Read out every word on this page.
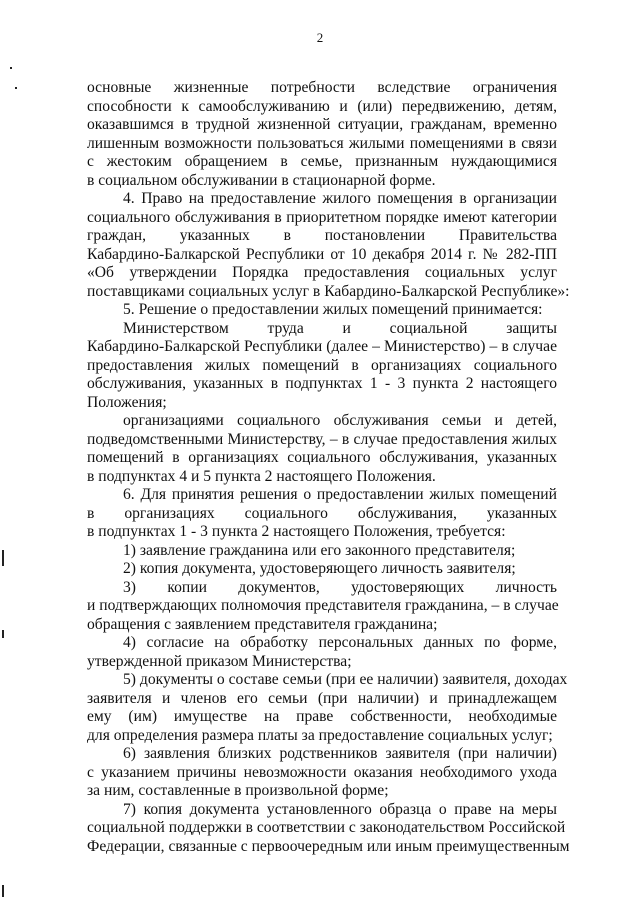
2
основные жизненные потребности вследствие ограничения
способности к самообслуживанию и (или) передвижению, детям,
оказавшимся в трудной жизненной ситуации, гражданам, временно
лишенным возможности пользоваться жилыми помещениями в связи
с жестоким обращением в семье, признанным нуждающимися
в социальном обслуживании в стационарной форме.
4. Право на предоставление жилого помещения в организации
социального обслуживания в приоритетном порядке имеют категории
граждан, указанных в постановлении Правительства
Кабардино-Балкарской Республики от 10 декабря 2014 г. № 282-ПП
«Об утверждении Порядка предоставления социальных услуг
поставщиками социальных услуг в Кабардино-Балкарской Республике»:
5. Решение о предоставлении жилых помещений принимается:
Министерством труда и социальной защиты
Кабардино-Балкарской Республики (далее – Министерство) – в случае
предоставления жилых помещений в организациях социального
обслуживания, указанных в подпунктах 1 - 3 пункта 2 настоящего
Положения;
организациями социального обслуживания семьи и детей,
подведомственными Министерству, – в случае предоставления жилых
помещений в организациях социального обслуживания, указанных
в подпунктах 4 и 5 пункта 2 настоящего Положения.
6. Для принятия решения о предоставлении жилых помещений
в организациях социального обслуживания, указанных
в подпунктах 1 - 3 пункта 2 настоящего Положения, требуется:
1) заявление гражданина или его законного представителя;
2) копия документа, удостоверяющего личность заявителя;
3) копии документов, удостоверяющих личность
и подтверждающих полномочия представителя гражданина, – в случае
обращения с заявлением представителя гражданина;
4) согласие на обработку персональных данных по форме,
утвержденной приказом Министерства;
5) документы о составе семьи (при ее наличии) заявителя, доходах
заявителя и членов его семьи (при наличии) и принадлежащем
ему (им) имуществе на праве собственности, необходимые
для определения размера платы за предоставление социальных услуг;
6) заявления близких родственников заявителя (при наличии)
с указанием причины невозможности оказания необходимого ухода
за ним, составленные в произвольной форме;
7) копия документа установленного образца о праве на меры
социальной поддержки в соответствии с законодательством Российской
Федерации, связанные с первоочередным или иным преимущественным
